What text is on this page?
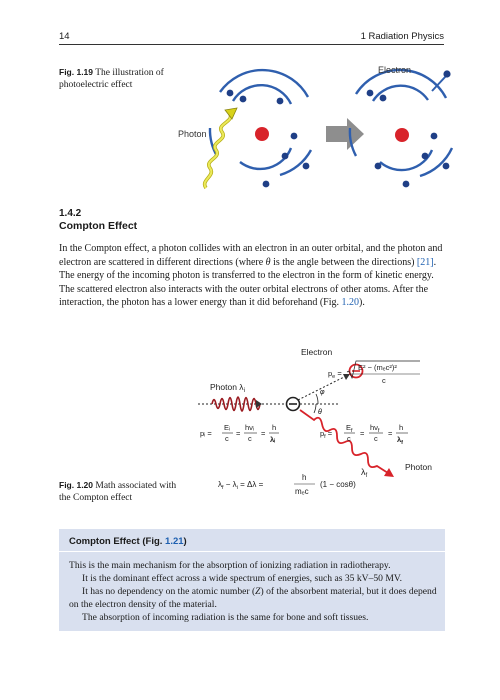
14	1 Radiation Physics
Fig. 1.19 The illustration of photoelectric effect
Photon
Electron
1.4.2
Compton Effect

In the Compton effect, a photon collides with an electron in an outer orbital, and the photon and electron are scattered in different directions (where θ is the angle between the directions) [21]. The energy of the incoming photon is transferred to the electron in the form of kinetic energy. The scattered electron also interacts with the outer orbital electrons of other atoms. After the interaction, the photon has a lower energy than it did beforehand (Fig. 1.20).

Photon $\lambda_i$
Electron
φ
θ
$\lambda_f$
Photon
$p_e$ =
E² − (mₑc²)²
c
pᵢ =
Eᵢ
c
=
hνᵢ
c
=
h
λᵢ
$p_f$ =
$E_f$
c
=
$h\nu_f$
c
=
h
$\lambda_f$
$\lambda_f - \lambda_i = \Delta\lambda$ =
h
mₑc
(1 − cosθ)
Fig. 1.20 Math associated with the Compton effect
Compton Effect (Fig. 1.21)

This is the main mechanism for the absorption of ionizing radiation in radiotherapy.

It is the dominant effect across a wide spectrum of energies, such as 35 kV–50 MV.

It has no dependency on the atomic number (Z) of the absorbent material, but it does depend on the electron density of the material.

The absorption of incoming radiation is the same for bone and soft tissues.
